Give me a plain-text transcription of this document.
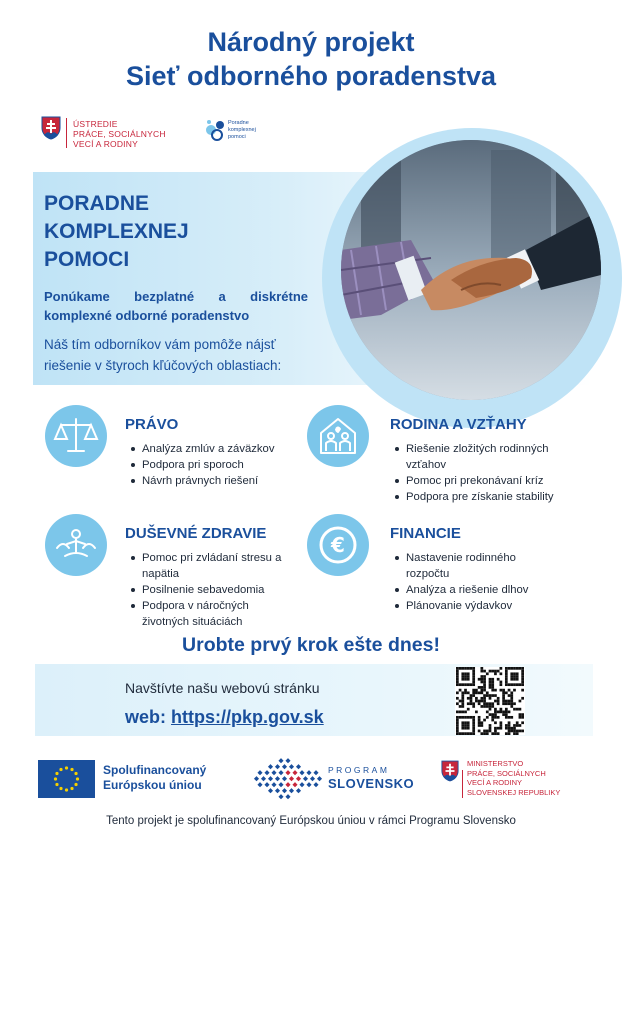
Národný projekt
Sieť odborného poradenstva
ÚSTREDIE
PRÁCE, SOCIÁLNYCH
VECÍ A RODINY
Poradne
komplexnej
pomoci
PORADNE
KOMPLEXNEJ
POMOCI
Ponúkame bezplatné a diskrétne
komplexné odborné poradenstvo
Náš tím odborníkov vám pomôže nájsť
riešenie v štyroch kľúčových oblastiach:
PRÁVO
Analýza zmlúv a záväzkov
Podpora pri sporoch
Návrh právnych riešení
RODINA A VZŤAHY
Riešenie zložitých rodinných vzťahov
Pomoc pri prekonávaní kríz
Podpora pre získanie stability
DUŠEVNÉ ZDRAVIE
Pomoc pri zvládaní stresu a napätia
Posilnenie sebavedomia
Podpora v náročných životných situáciách
€	FINANCIE
Nastavenie rodinného rozpočtu
Analýza a riešenie dlhov
Plánovanie výdavkov
Urobte prvý krok ešte dnes!
Navštívte našu webovú stránku
web: https://pkp.gov.sk
Spolufinancovaný
Európskou úniou
PROGRAM
SLOVENSKO
MINISTERSTVO
PRÁCE, SOCIÁLNYCH
VECÍ A RODINY
SLOVENSKEJ REPUBLIKY
Tento projekt je spolufinancovaný Európskou úniou v rámci Programu Slovensko
